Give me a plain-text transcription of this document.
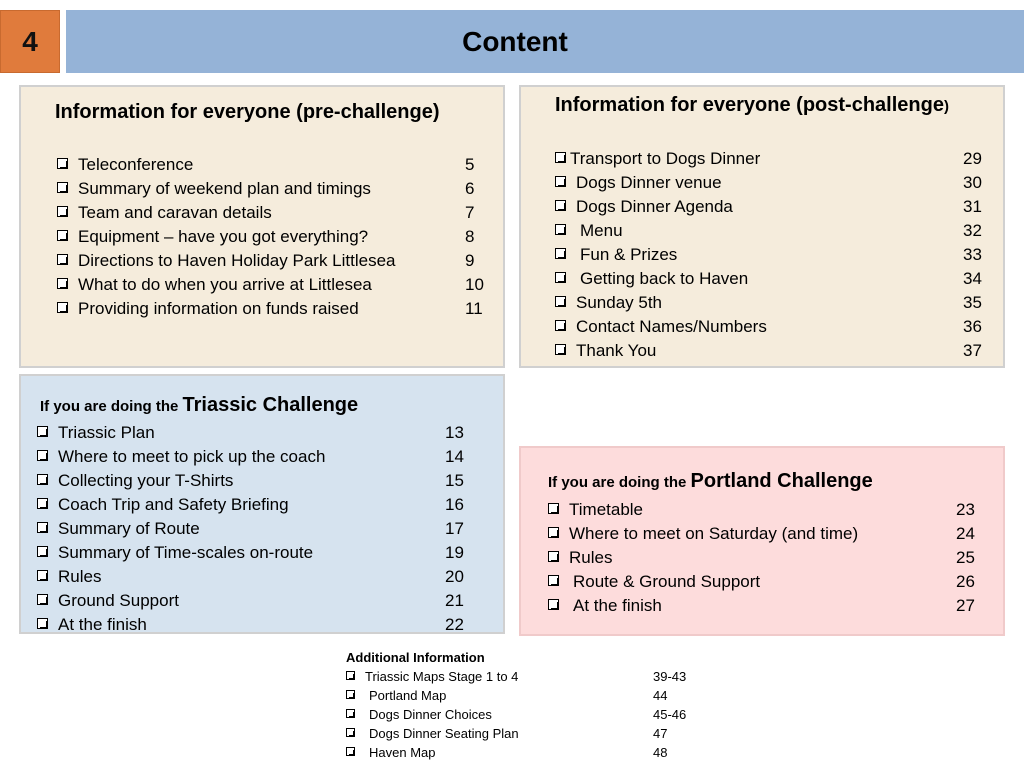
4	Content
Information for everyone (pre-challenge)
Teleconference	5
Summary of weekend plan and timings	6
Team and caravan details	7
Equipment – have you got everything?	8
Directions to Haven Holiday Park Littlesea	9
What to do when you arrive at Littlesea	10
Providing information on funds raised	11
Information for everyone (post-challenge)
Transport to Dogs Dinner	29
Dogs Dinner venue	30
Dogs Dinner Agenda	31
Menu	32
Fun & Prizes	33
Getting back to Haven	34
Sunday 5th	35
Contact Names/Numbers	36
Thank You	37
If you are doing the Triassic Challenge
Triassic Plan	13
Where to meet to pick up the coach	14
Collecting your T-Shirts	15
Coach Trip and Safety Briefing	16
Summary of Route	17
Summary of Time-scales on-route	19
Rules	20
Ground Support	21
At the finish	22
If you are doing the Portland Challenge
Timetable	23
Where to meet on Saturday (and time)	24
Rules	25
Route & Ground Support	26
At the finish	27
Additional Information
Triassic Maps Stage 1 to 4	39-43
Portland Map	44
Dogs Dinner Choices	45-46
Dogs Dinner Seating Plan	47
Haven Map	48
